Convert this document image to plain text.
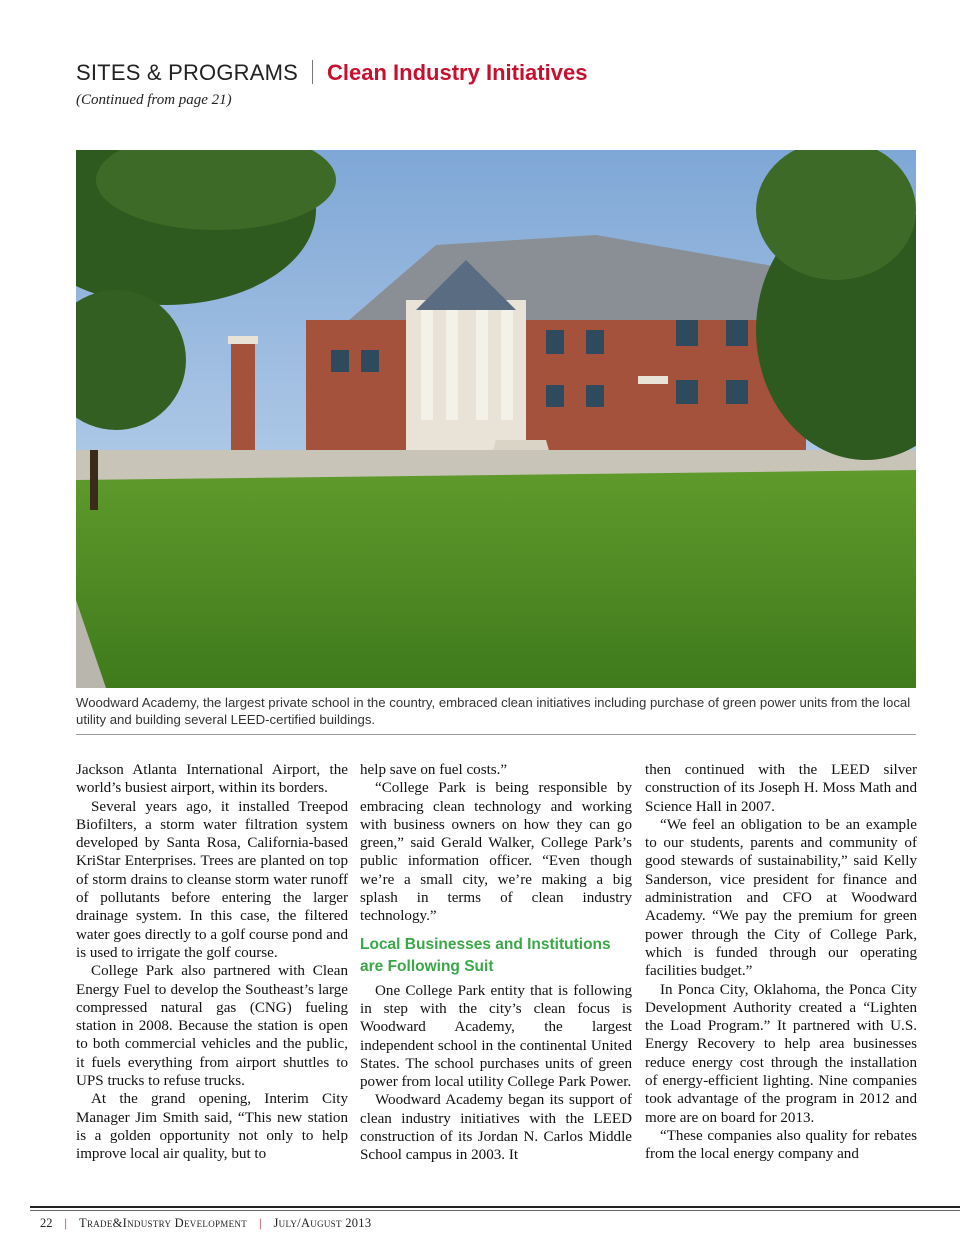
SITES & PROGRAMS Clean Industry Initiatives
(Continued from page 21)
Woodward Academy, the largest private school in the country, embraced clean initiatives including purchase of green power units from the local utility and building several LEED-certified buildings.

Jackson Atlanta International Airport, the world’s busiest airport, within its borders.

Several years ago, it installed Treepod Biofilters, a storm water filtration system developed by Santa Rosa, California-based KriStar Enterprises. Trees are planted on top of storm drains to cleanse storm water runoff of pollutants before entering the larger drainage system. In this case, the filtered water goes directly to a golf course pond and is used to irrigate the golf course.

College Park also partnered with Clean Energy Fuel to develop the Southeast’s large compressed natural gas (CNG) fueling station in 2008. Because the station is open to both commercial vehicles and the public, it fuels everything from airport shuttles to UPS trucks to refuse trucks.

At the grand opening, Interim City Manager Jim Smith said, “This new station is a golden opportunity not only to help improve local air quality, but to

help save on fuel costs.”

“College Park is being responsible by embracing clean technology and working with business owners on how they can go green,” said Gerald Walker, College Park’s public information officer. “Even though we’re a small city, we’re making a big splash in terms of clean industry technology.”

Local Businesses and Institutions are Following Suit

One College Park entity that is following in step with the city’s clean focus is Woodward Academy, the largest independent school in the continental United States. The school purchases units of green power from local utility College Park Power.

Woodward Academy began its support of clean industry initiatives with the LEED construction of its Jordan N. Carlos Middle School campus in 2003. It

then continued with the LEED silver construction of its Joseph H. Moss Math and Science Hall in 2007.

“We feel an obligation to be an example to our students, parents and community of good stewards of sustainability,” said Kelly Sanderson, vice president for finance and administration and CFO at Woodward Academy. “We pay the premium for green power through the City of College Park, which is funded through our operating facilities budget.”

In Ponca City, Oklahoma, the Ponca City Development Authority created a “Lighten the Load Program.” It partnered with U.S. Energy Recovery to help area businesses reduce energy cost through the installation of energy-efficient lighting. Nine companies took advantage of the program in 2012 and more are on board for 2013.

“These companies also quality for rebates from the local energy company and

22 | Trade&Industry Development | July/August 2013
